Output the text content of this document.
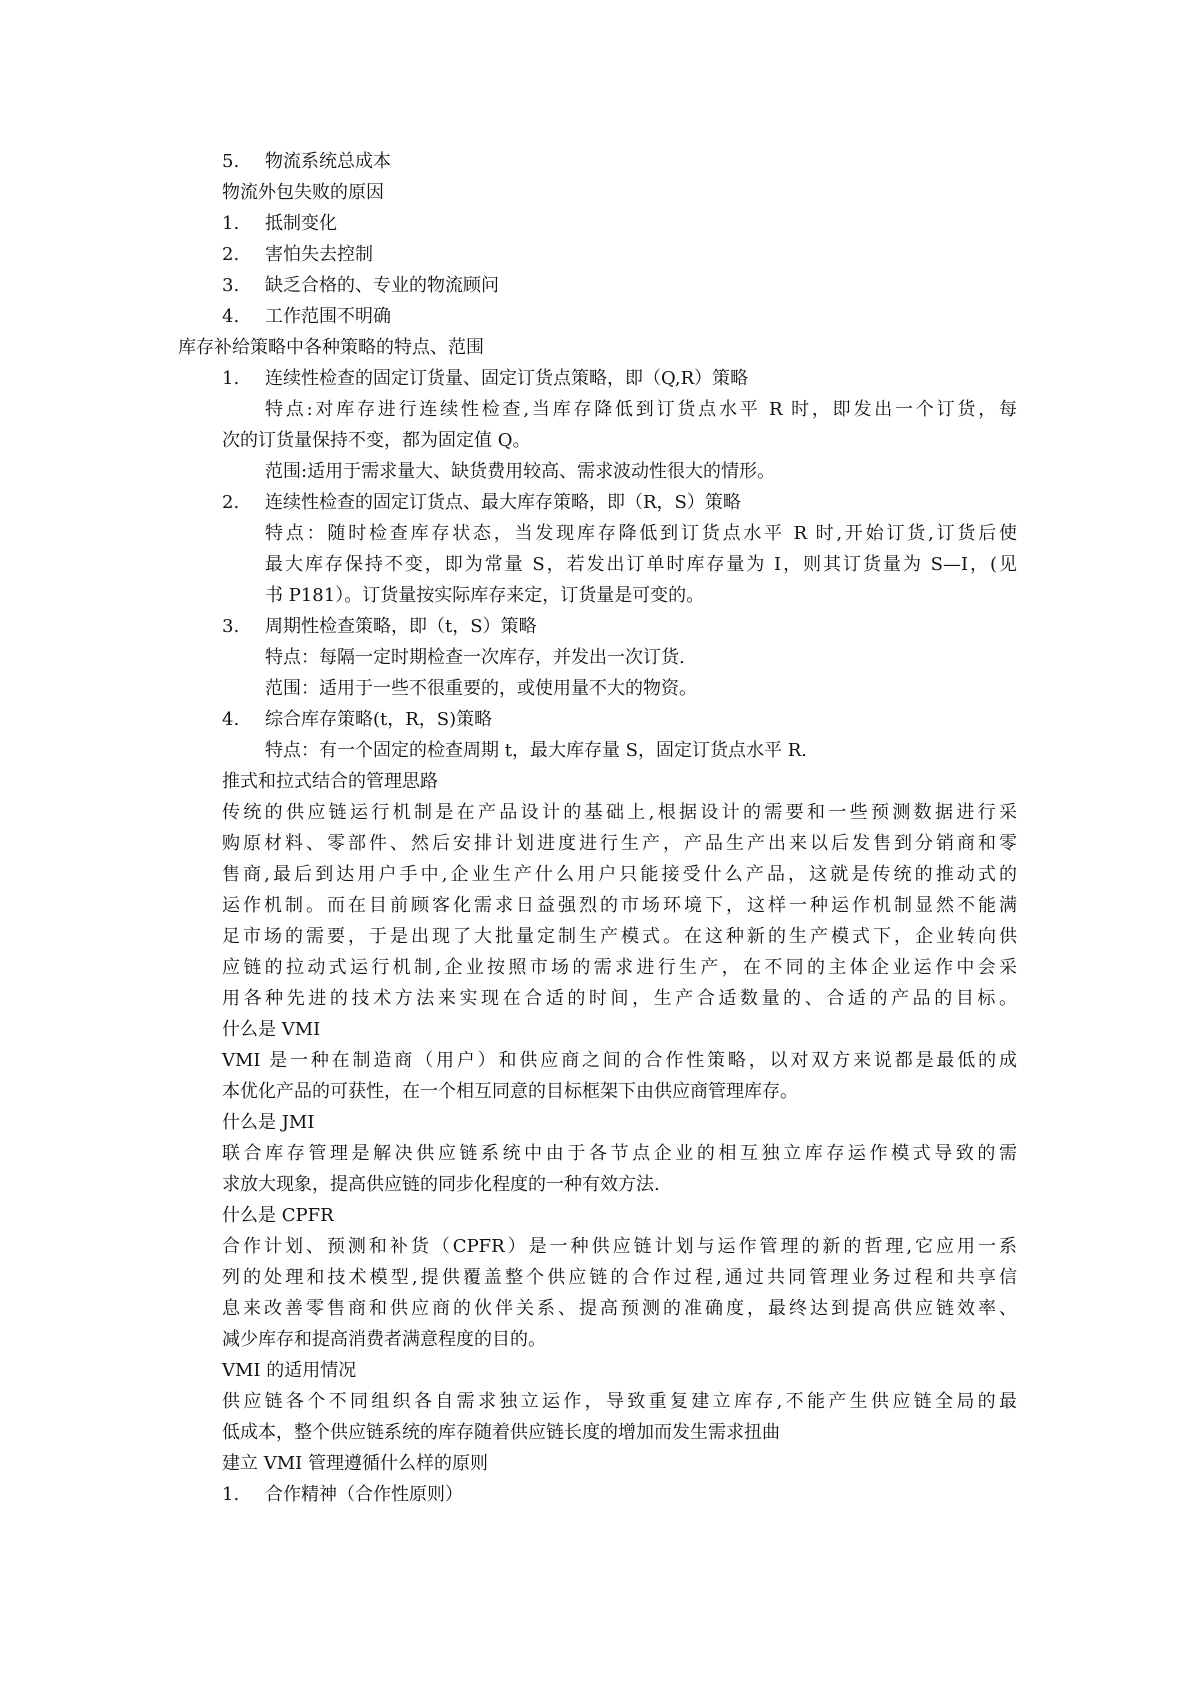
5. 物流系统总成本
物流外包失败的原因
1. 抵制变化
2. 害怕失去控制
3. 缺乏合格的、专业的物流顾问
4. 工作范围不明确
库存补给策略中各种策略的特点、范围
1. 连续性检查的固定订货量、固定订货点策略，即（Q,R）策略
特点:对库存进行连续性检查,当库存降低到订货点水平 R 时，即发出一个订货，每
次的订货量保持不变，都为固定值 Q。
范围:适用于需求量大、缺货费用较高、需求波动性很大的情形。
2. 连续性检查的固定订货点、最大库存策略，即（R，S）策略
特点：随时检查库存状态，当发现库存降低到订货点水平 R 时,开始订货,订货后使
最大库存保持不变，即为常量 S，若发出订单时库存量为 I，则其订货量为 S—I，(见
书 P181）。订货量按实际库存来定，订货量是可变的。
3. 周期性检查策略，即（t，S）策略
特点：每隔一定时期检查一次库存，并发出一次订货.
范围：适用于一些不很重要的，或使用量不大的物资。
4. 综合库存策略(t，R，S)策略
特点：有一个固定的检查周期 t，最大库存量 S，固定订货点水平 R.
推式和拉式结合的管理思路
传统的供应链运行机制是在产品设计的基础上,根据设计的需要和一些预测数据进行采
购原材料、零部件、然后安排计划进度进行生产，产品生产出来以后发售到分销商和零
售商,最后到达用户手中,企业生产什么用户只能接受什么产品，这就是传统的推动式的
运作机制。而在目前顾客化需求日益强烈的市场环境下，这样一种运作机制显然不能满
足市场的需要，于是出现了大批量定制生产模式。在这种新的生产模式下，企业转向供
应链的拉动式运行机制,企业按照市场的需求进行生产，在不同的主体企业运作中会采
用各种先进的技术方法来实现在合适的时间，生产合适数量的、合适的产品的目标。
什么是 VMI
VMI 是一种在制造商（用户）和供应商之间的合作性策略，以对双方来说都是最低的成
本优化产品的可获性，在一个相互同意的目标框架下由供应商管理库存。
什么是 JMI
联合库存管理是解决供应链系统中由于各节点企业的相互独立库存运作模式导致的需
求放大现象，提高供应链的同步化程度的一种有效方法.
什么是 CPFR
合作计划、预测和补货（CPFR）是一种供应链计划与运作管理的新的哲理,它应用一系
列的处理和技术模型,提供覆盖整个供应链的合作过程,通过共同管理业务过程和共享信
息来改善零售商和供应商的伙伴关系、提高预测的准确度，最终达到提高供应链效率、
减少库存和提高消费者满意程度的目的。
VMI 的适用情况
供应链各个不同组织各自需求独立运作，导致重复建立库存,不能产生供应链全局的最
低成本，整个供应链系统的库存随着供应链长度的增加而发生需求扭曲
建立 VMI 管理遵循什么样的原则
1. 合作精神（合作性原则）
